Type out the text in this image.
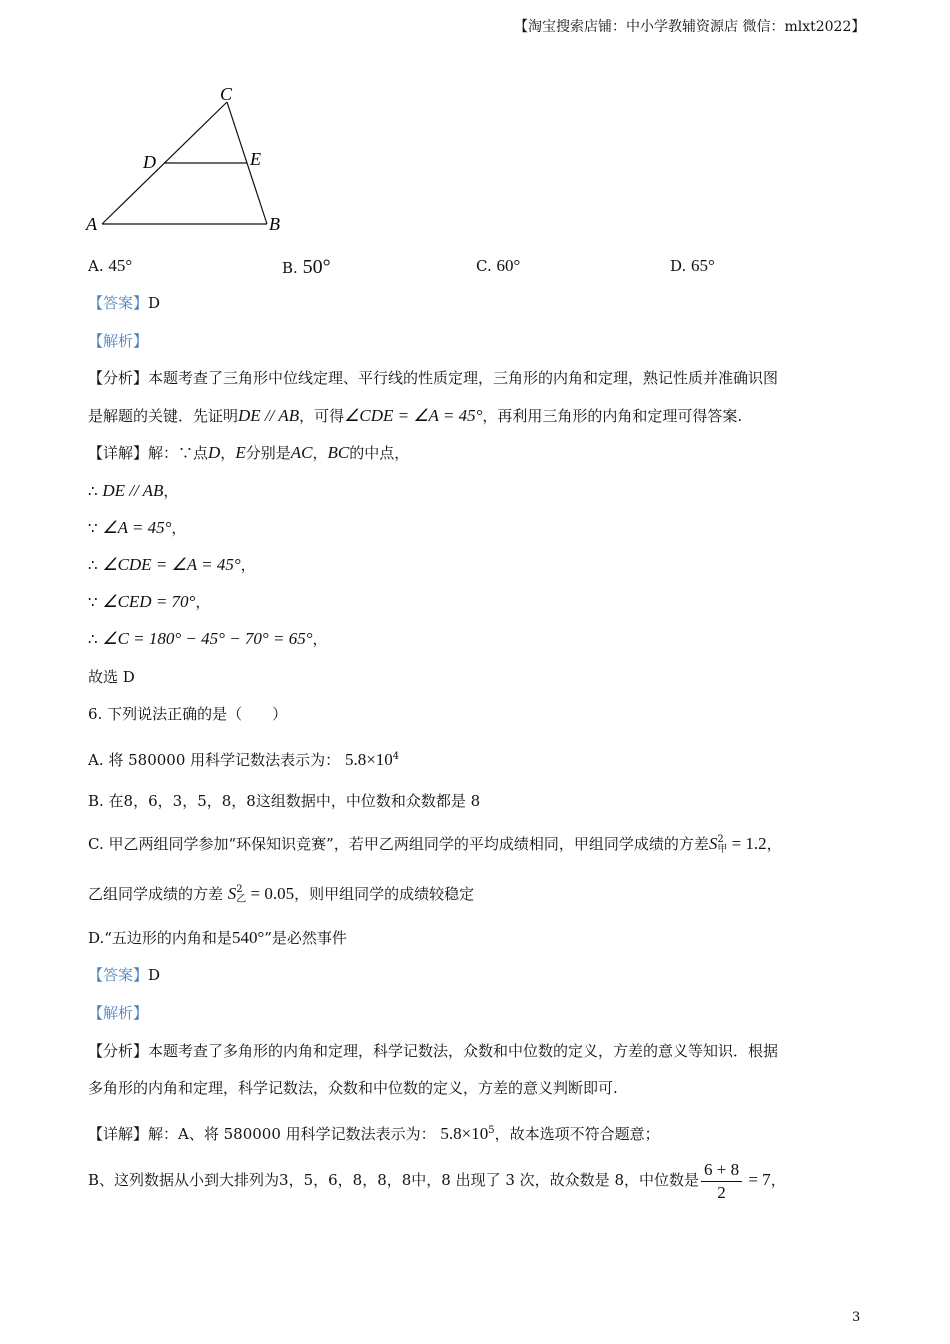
【淘宝搜索店铺：中小学教辅资源店 微信：mlxt2022】
C
D	E
A	B
A. 45°	B. 50°	C. 60°	D. 65°
【答案】D
【解析】
【分析】本题考查了三角形中位线定理、平行线的性质定理，三角形的内角和定理，熟记性质并准确识图
是解题的关键．先证明DE // AB，可得∠CDE = ∠A = 45°，再利用三角形的内角和定理可得答案.
【详解】解：∵点D，E分别是AC，BC的中点，
∴ DE // AB，
∵ ∠A = 45°，
∴ ∠CDE = ∠A = 45°，
∵ ∠CED = 70°，
∴ ∠C = 180° − 45° − 70° = 65°，
故选 D
6. 下列说法正确的是（　　）
A. 将 580000 用科学记数法表示为： $5.8\times 10^4$
B. 在8，6，3，5，8，8这组数据中，中位数和众数都是 8
C. 甲乙两组同学参加“环保知识竞赛”，若甲乙两组同学的平均成绩相同，甲组同学成绩的方差S 2
甲 = 1.2，
乙组同学成绩的方差 S 2
乙 = 0.05，则甲组同学的成绩较稳定
D.“五边形的内角和是540°”是必然事件
【答案】D
【解析】
【分析】本题考查了多角形的内角和定理，科学记数法，众数和中位数的定义，方差的意义等知识．根据
多角形的内角和定理，科学记数法，众数和中位数的定义，方差的意义判断即可.
【详解】解：A、将 580000 用科学记数法表示为： $5.8\times 10^5$，故本选项不符合题意；
B、这列数据从小到大排列为3，5，6，8，8，8中，8 出现了 3 次，故众数是 8，中位数是 $\frac{6 + 8}{2} = 7$，
3
